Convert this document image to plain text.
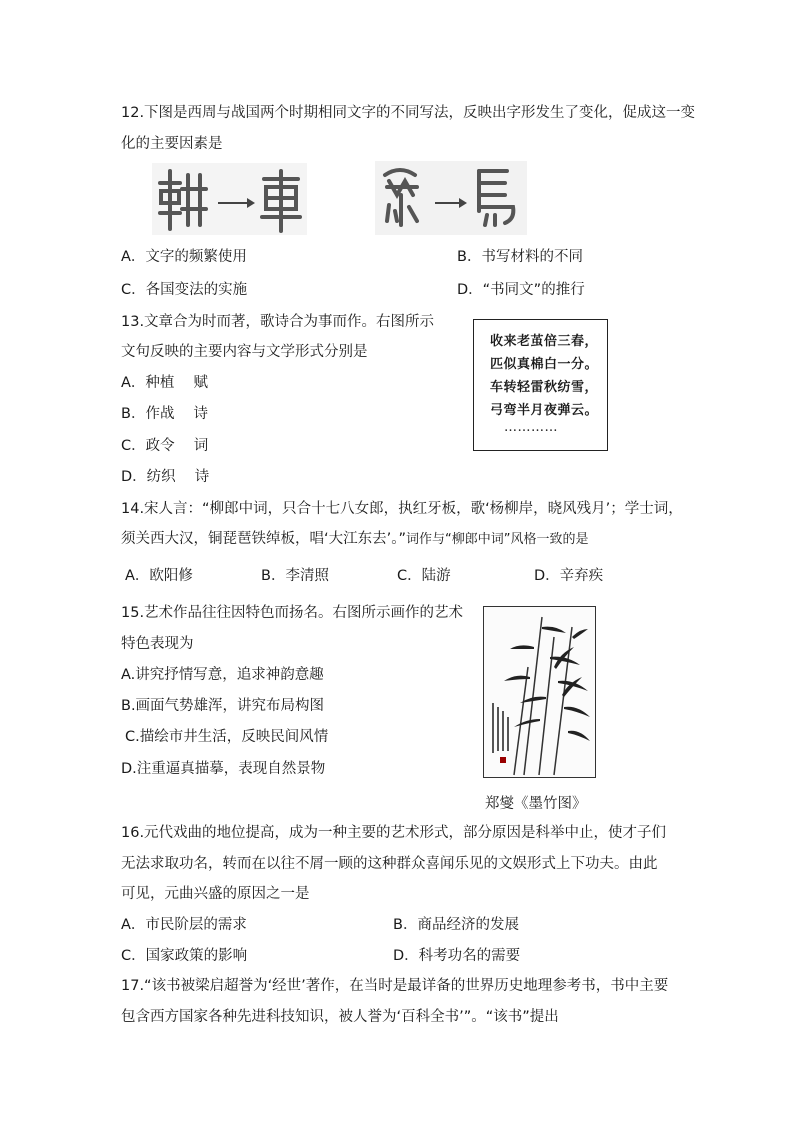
12.下图是西周与战国两个时期相同文字的不同写法，反映出字形发生了变化，促成这一变
化的主要因素是
A．文字的频繁使用	B．书写材料的不同
C．各国变法的实施	D．“书同文”的推行
13.文章合为时而著，歌诗合为事而作。右图所示
文句反映的主要内容与文学形式分别是
A．种植　 赋
B．作战　 诗
C．政令　 词
D．纺织　 诗
收来老茧倍三春，
匹似真棉白一分。
车转轻雷秋纺雪，
弓弯半月夜弹云。
…………
14.宋人言：“柳郎中词，只合十七八女郎，执红牙板，歌‘杨柳岸，晓风残月’；学士词，
须关西大汉，铜琵琶铁绰板，唱‘大江东去’。”词作与“柳郎中词”风格一致的是
A．欧阳修	B．李清照	C．陆游	D．辛弃疾
15.艺术作品往往因特色而扬名。右图所示画作的艺术
特色表现为
A.讲究抒情写意，追求神韵意趣
B.画面气势雄浑，讲究布局构图
C.描绘市井生活，反映民间风情
D.注重逼真描摹，表现自然景物
郑燮《墨竹图》
16.元代戏曲的地位提高，成为一种主要的艺术形式，部分原因是科举中止，使才子们
无法求取功名，转而在以往不屑一顾的这种群众喜闻乐见的文娱形式上下功夫。由此
可见，元曲兴盛的原因之一是
A．市民阶层的需求	B．商品经济的发展
C．国家政策的影响	D．科考功名的需要
17.“该书被梁启超誉为‘经世’著作，在当时是最详备的世界历史地理参考书，书中主要
包含西方国家各种先进科技知识，被人誉为‘百科全书’”。“该书”提出
